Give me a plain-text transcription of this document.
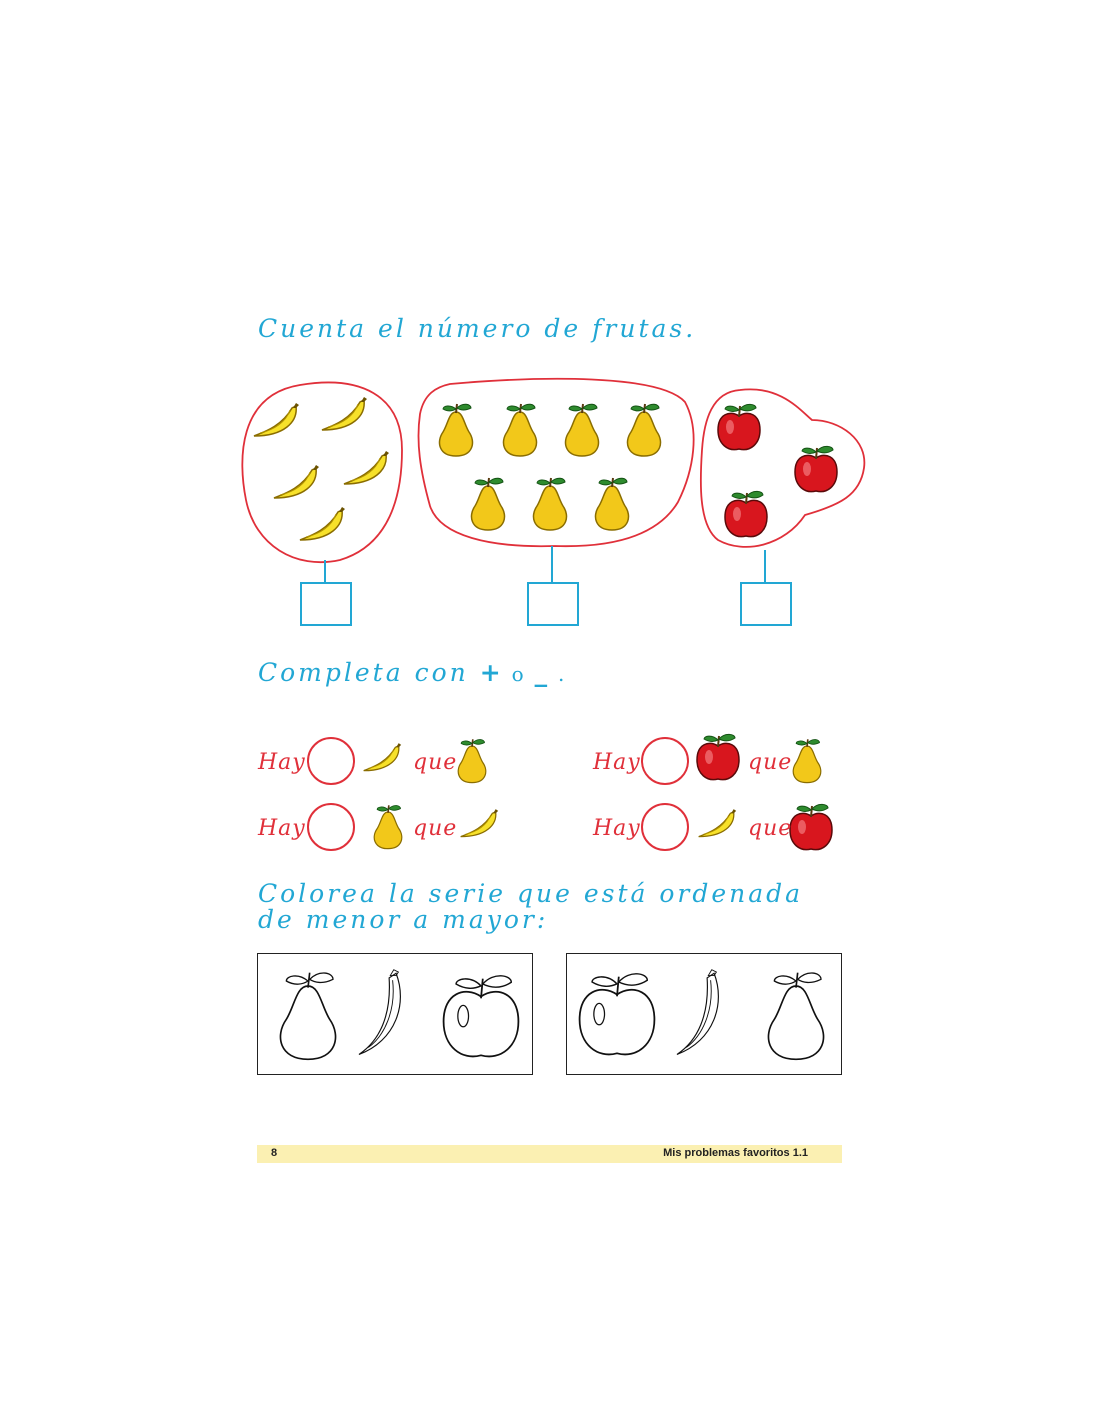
Cuenta el número de frutas.
Completa con + o _ .
Hay	que	Hay	que
Hay	que	Hay	que
Colorea la serie que está ordenada de menor a mayor:
8	Mis problemas favoritos 1.1
